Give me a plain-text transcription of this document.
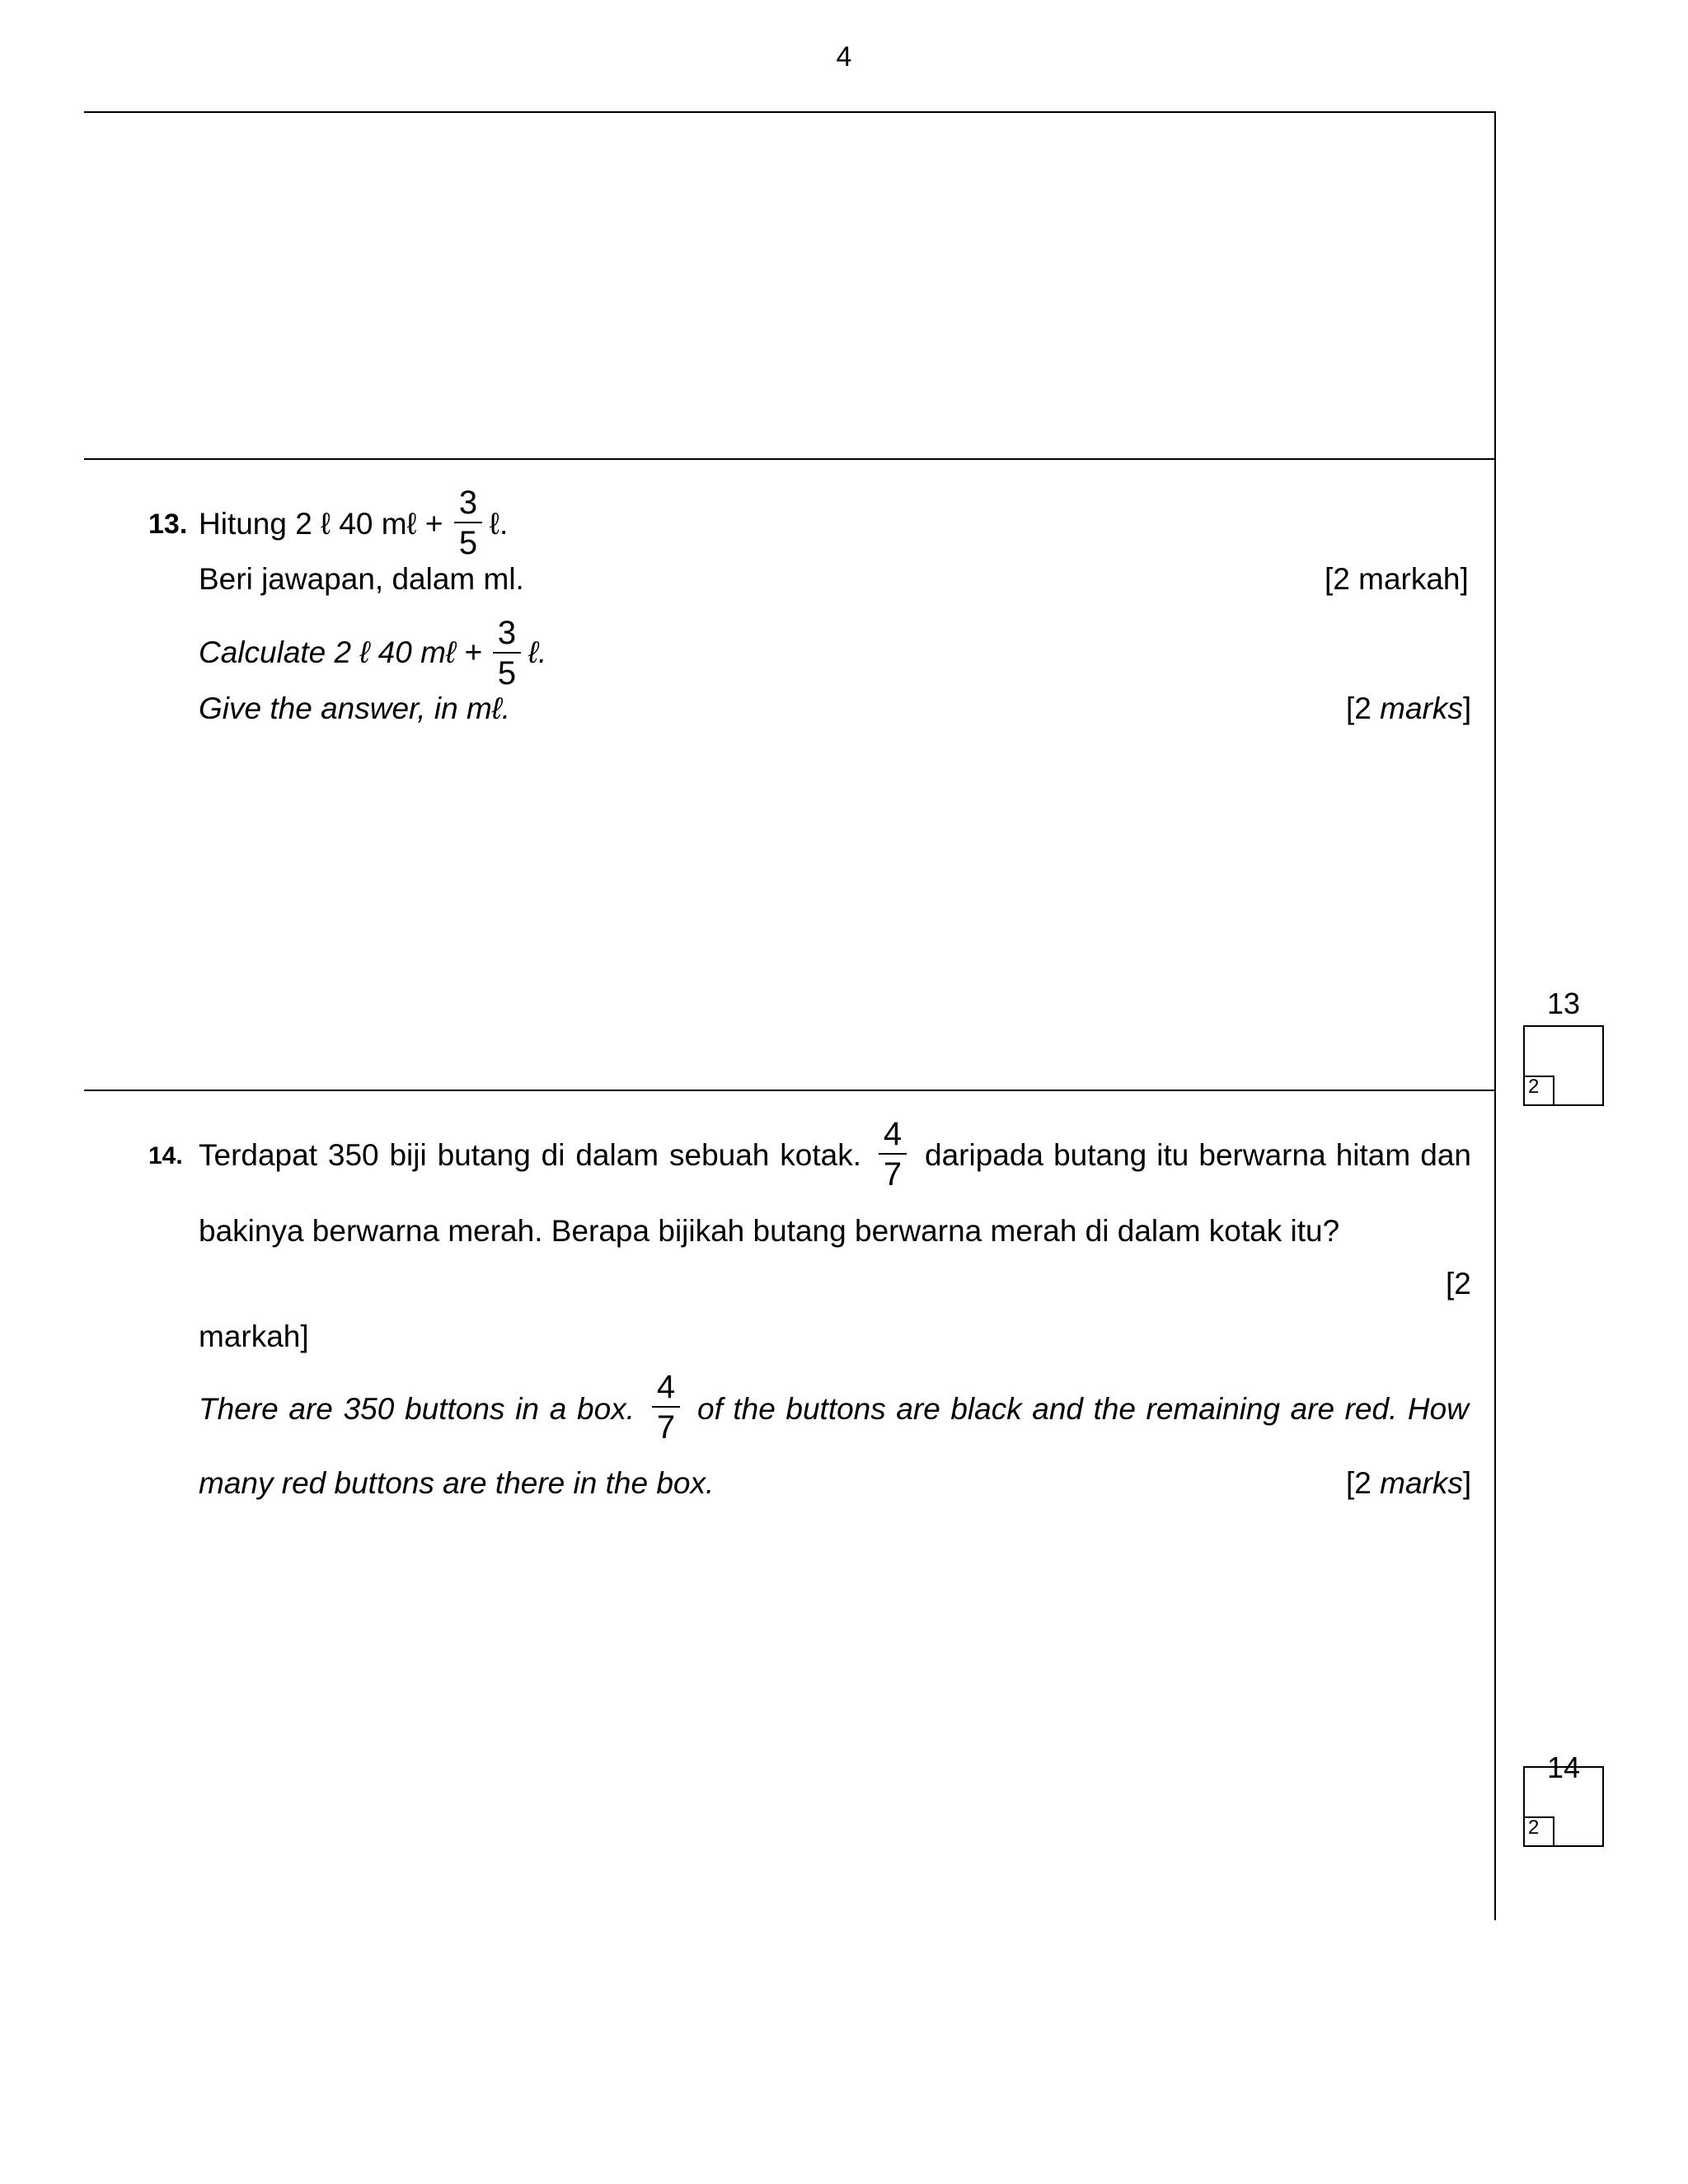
4
13. Hitung 2 ℓ 40 mℓ +
3
5
ℓ.
Beri jawapan, dalam ml.	[2 markah]
Calculate 2 ℓ 40 mℓ +
3
5
ℓ.
Give the answer, in mℓ.	[2 marks]
13
2
14. Terdapat 350 biji butang di dalam sebuah kotak.
4
7
daripada butang itu berwarna hitam dan
bakinya berwarna merah. Berapa bijikah butang berwarna merah di dalam kotak itu?
[2
markah]
There are 350 buttons in a box.
4
7
of the buttons are black and the remaining are red. How
many red buttons are there in the box.	[2 marks]
14
2
